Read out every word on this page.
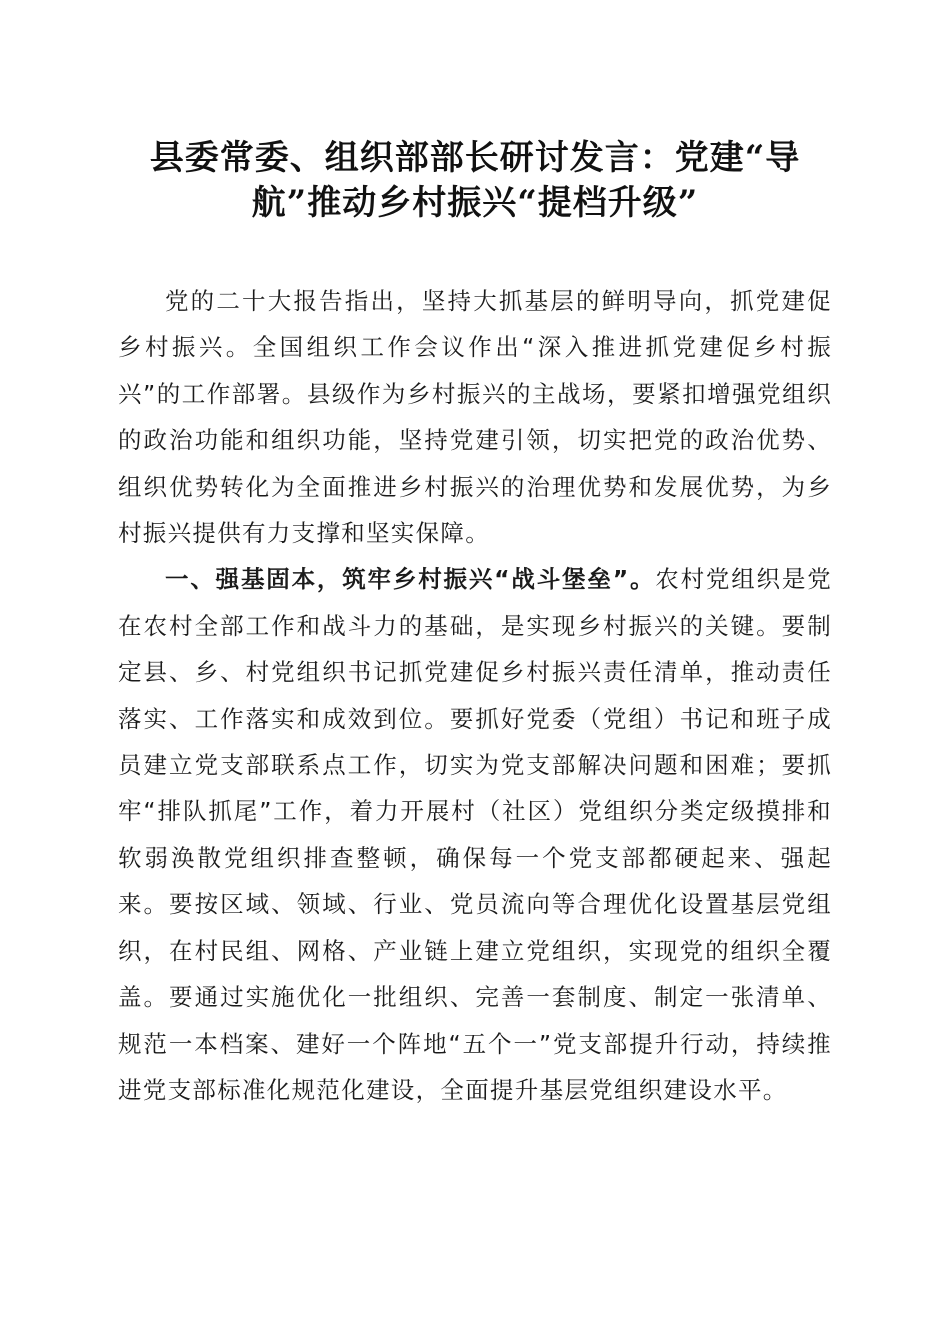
县委常委、组织部部长研讨发言：党建“导航”推动乡村振兴“提档升级”

党的二十大报告指出，坚持大抓基层的鲜明导向，抓党建促乡村振兴。全国组织工作会议作出“深入推进抓党建促乡村振兴”的工作部署。县级作为乡村振兴的主战场，要紧扣增强党组织的政治功能和组织功能，坚持党建引领，切实把党的政治优势、组织优势转化为全面推进乡村振兴的治理优势和发展优势，为乡村振兴提供有力支撑和坚实保障。

一、强基固本，筑牢乡村振兴“战斗堡垒”。农村党组织是党在农村全部工作和战斗力的基础，是实现乡村振兴的关键。要制定县、乡、村党组织书记抓党建促乡村振兴责任清单，推动责任落实、工作落实和成效到位。要抓好党委（党组）书记和班子成员建立党支部联系点工作，切实为党支部解决问题和困难；要抓牢“排队抓尾”工作，着力开展村（社区）党组织分类定级摸排和软弱涣散党组织排查整顿，确保每一个党支部都硬起来、强起来。要按区域、领域、行业、党员流向等合理优化设置基层党组织，在村民组、网格、产业链上建立党组织，实现党的组织全覆盖。要通过实施优化一批组织、完善一套制度、制定一张清单、规范一本档案、建好一个阵地“五个一”党支部提升行动，持续推进党支部标准化规范化建设，全面提升基层党组织建设水平。
